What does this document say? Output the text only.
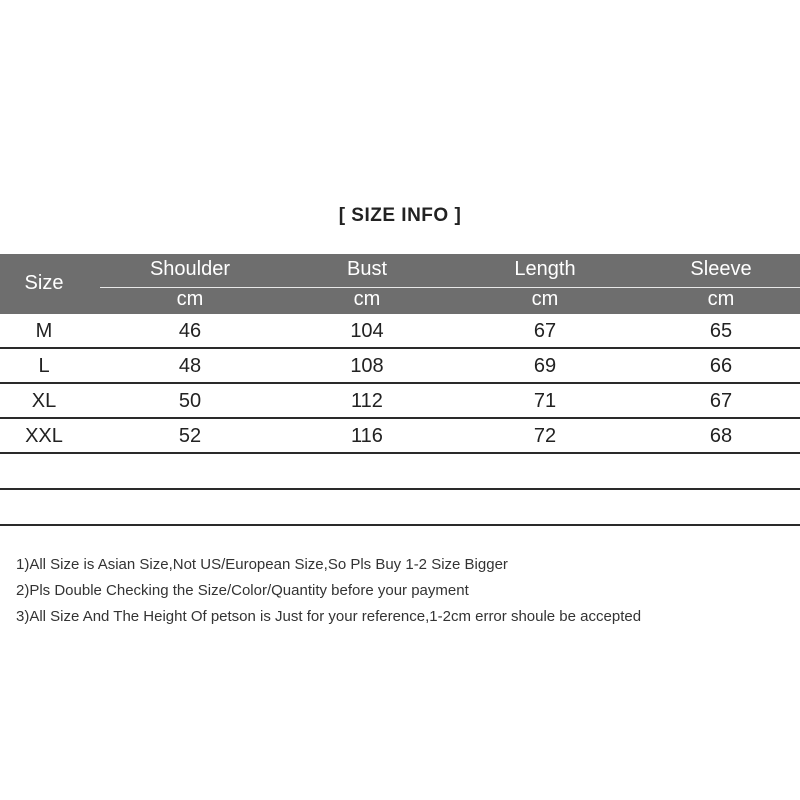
[ SIZE INFO ]
Size
Shoulder	Bust	Length	Sleeve
cm	cm	cm	cm
M	46	104	67	65
L	48	108	69	66
XL	50	112	71	67
XXL	52	116	72	68
1)All Size is Asian Size,Not US/European Size,So Pls Buy 1-2 Size Bigger
2)Pls Double Checking the Size/Color/Quantity before your payment
3)All Size And The Height Of petson is Just for your reference,1-2cm error shoule be accepted
